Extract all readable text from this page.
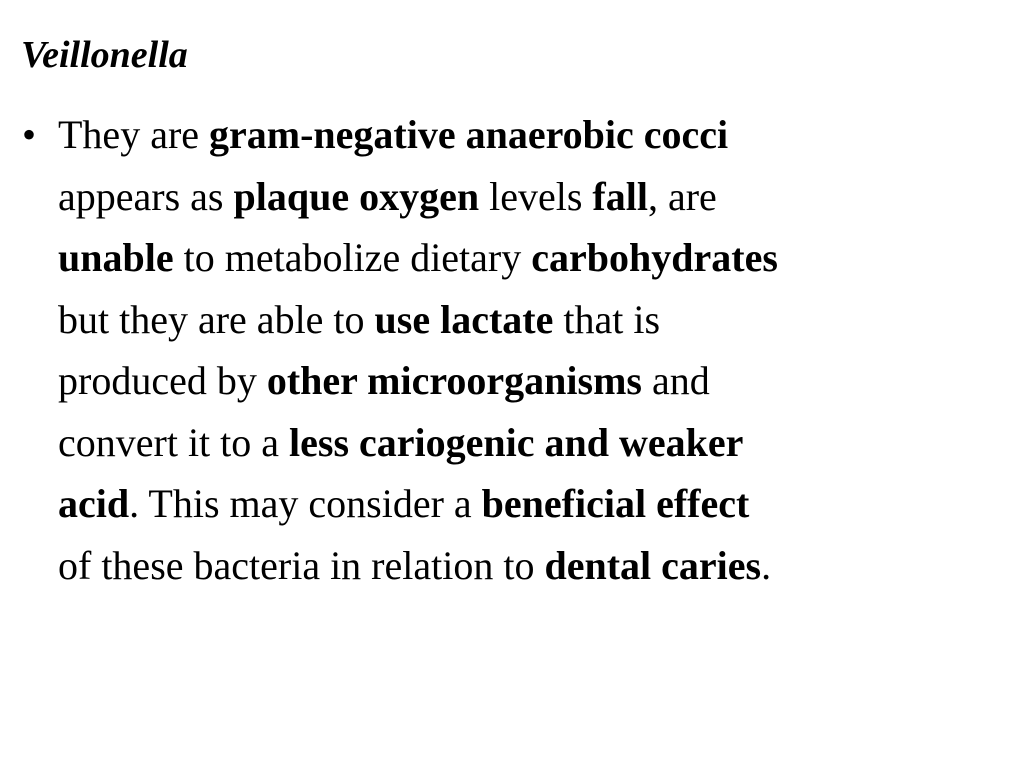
Veillonella
• They are gram-negative anaerobic cocci
appears as plaque oxygen levels fall, are
unable to metabolize dietary carbohydrates
but they are able to use lactate that is
produced by other microorganisms and
convert it to a less cariogenic and weaker
acid. This may consider a beneficial effect
of these bacteria in relation to dental caries.
